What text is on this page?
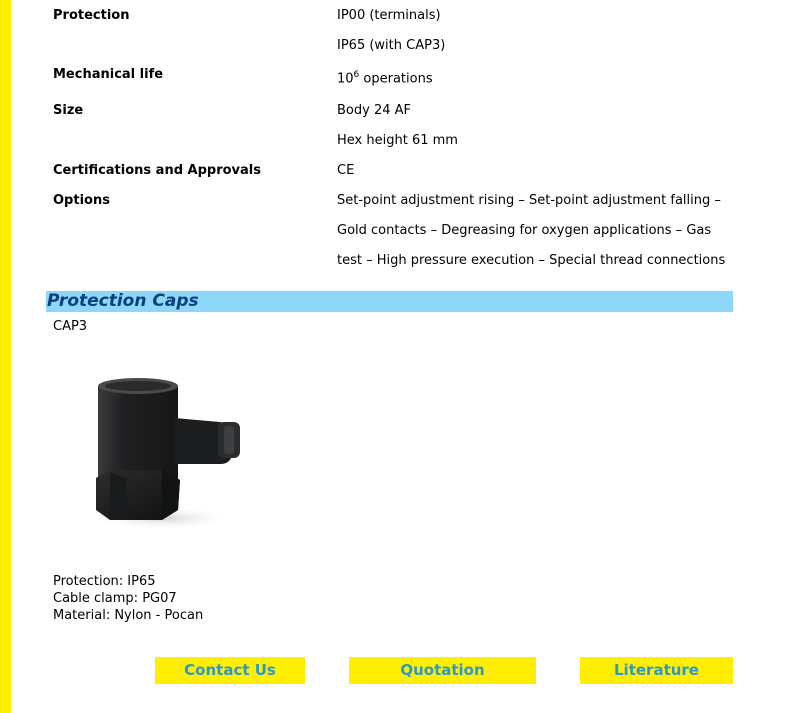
Protection	IP00 (terminals)
IP65 (with CAP3)
Mechanical life	$10^6$ operations
Size	Body 24 AF
Hex height 61 mm
Certifications and Approvals	CE
Options	Set-point adjustment rising – Set-point adjustment falling –
Gold contacts – Degreasing for oxygen applications – Gas
test – High pressure execution – Special thread connections
Protection Caps
CAP3
Protection: IP65
Cable clamp: PG07
Material: Nylon - Pocan
Contact Us	Quotation	Literature
